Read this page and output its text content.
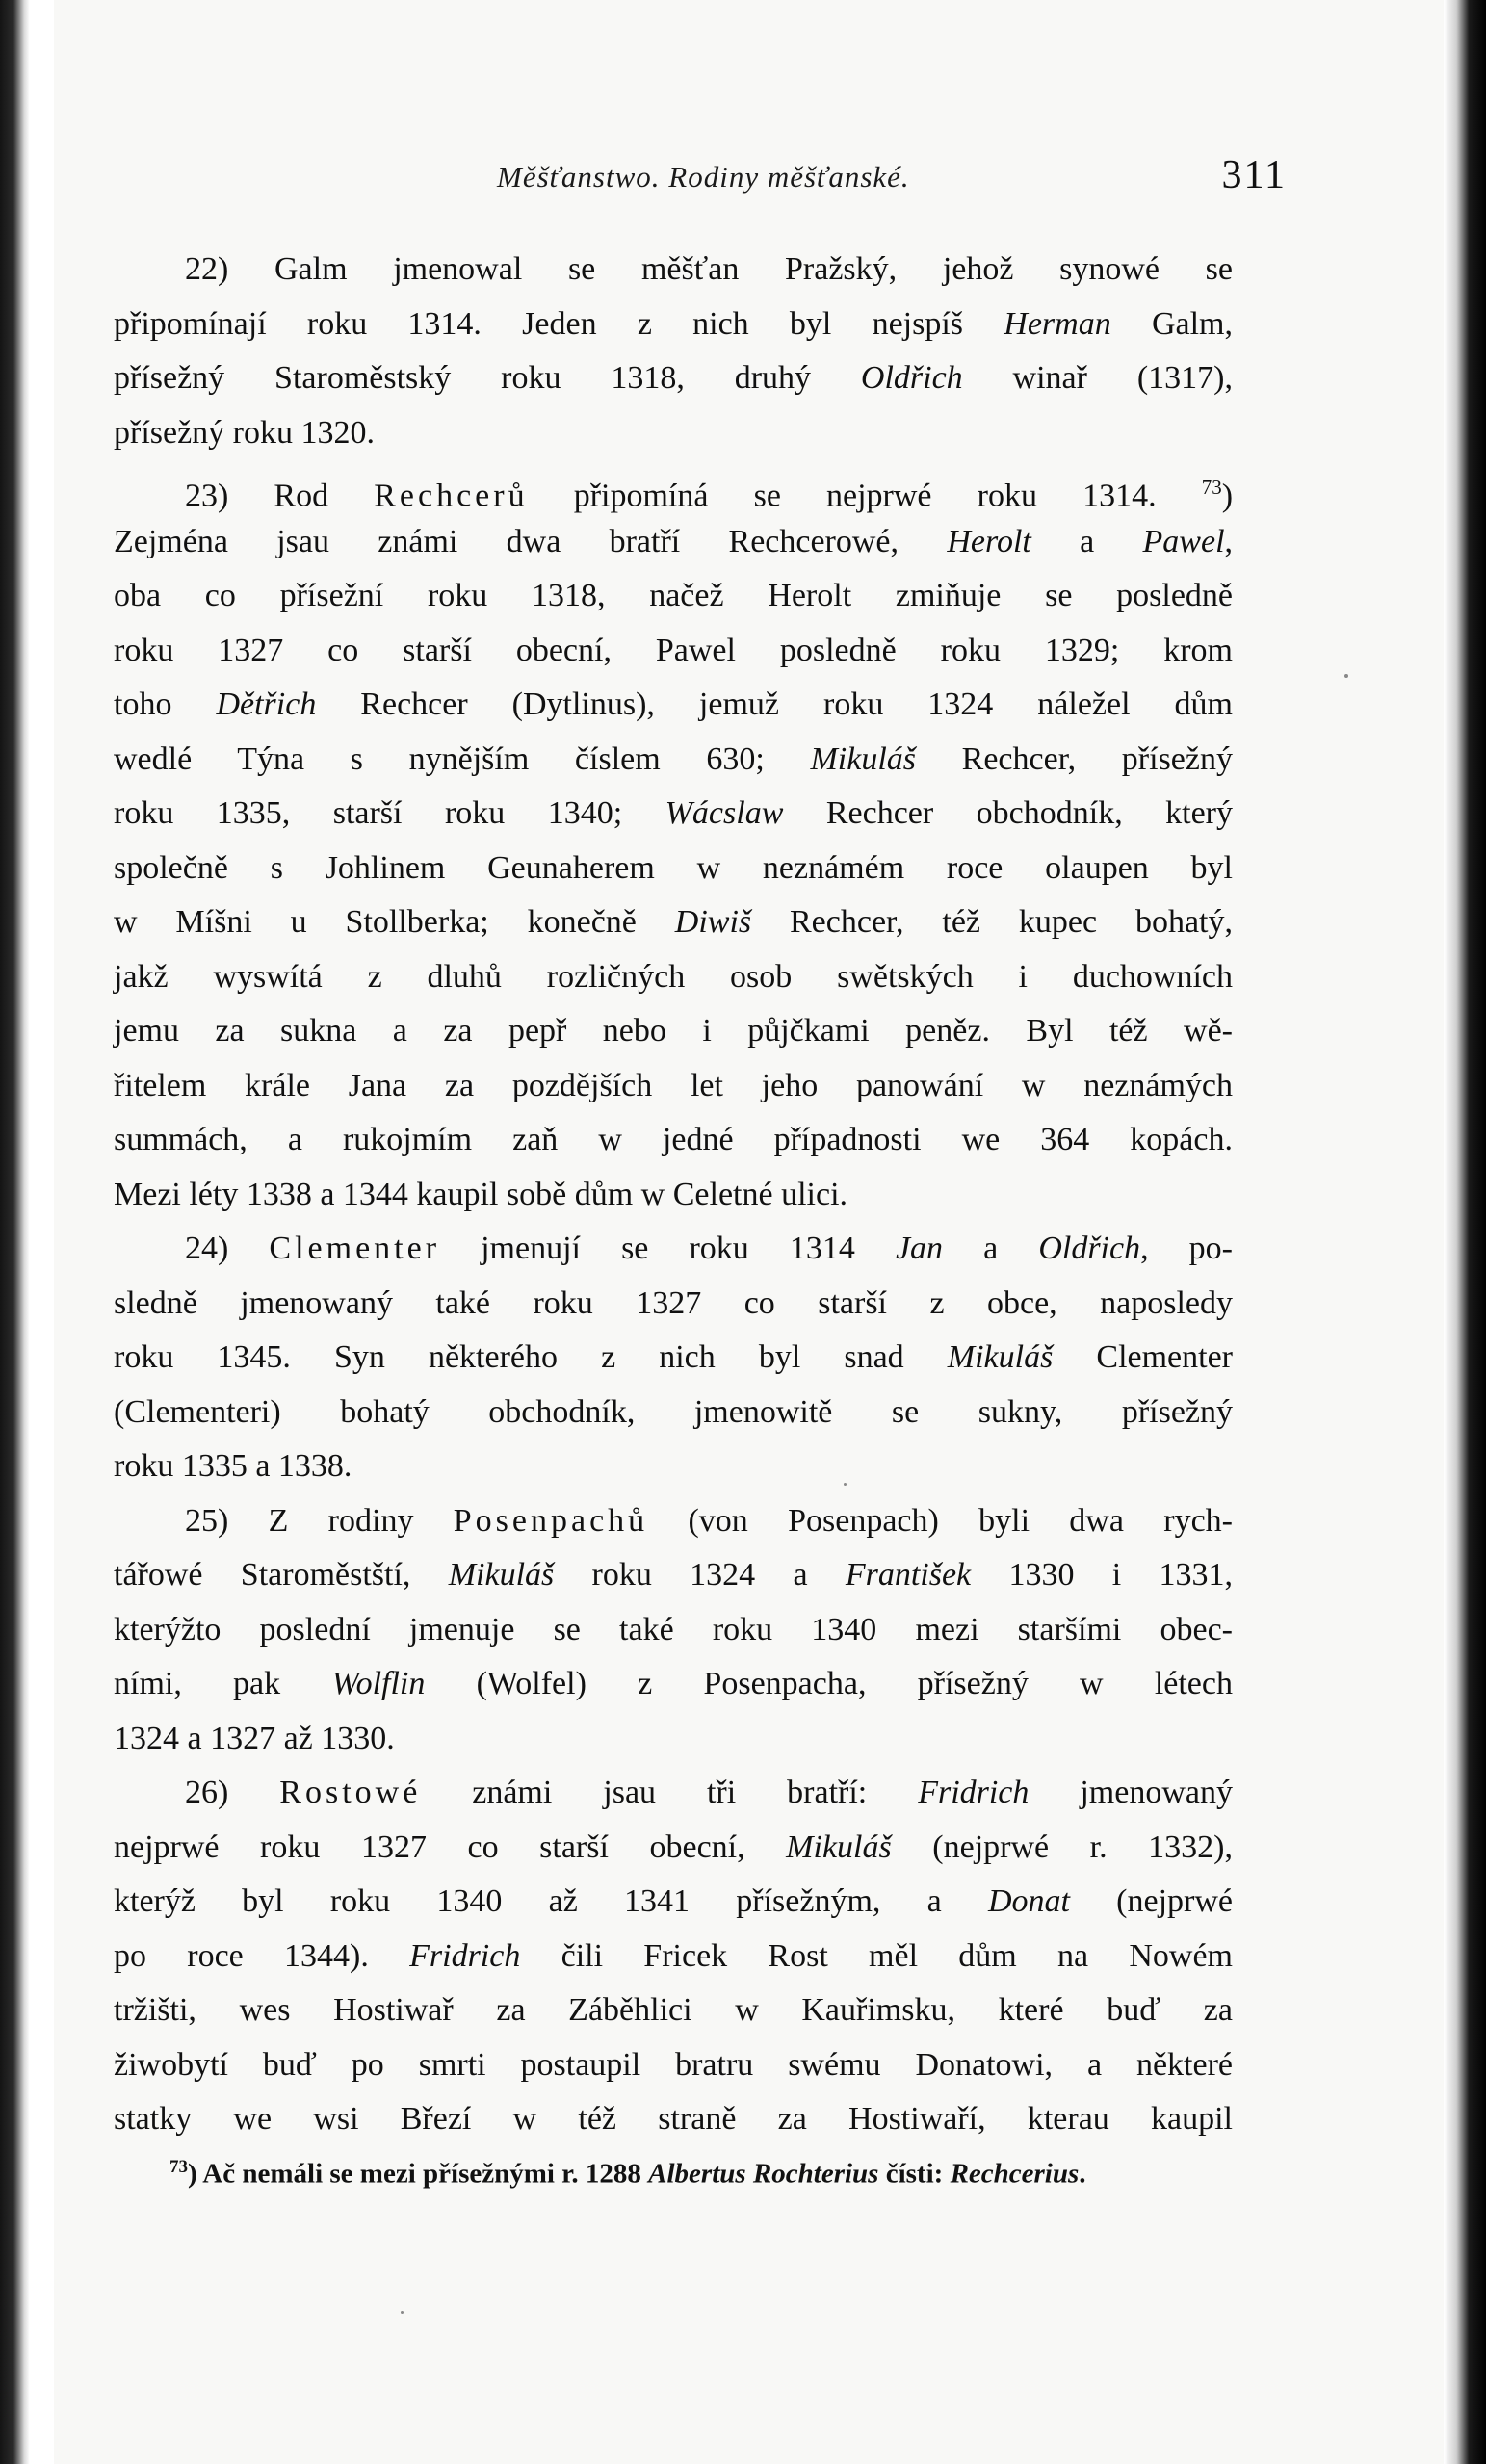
Měšťanstwo. Rodiny měšťanské.	311
22) Galm jmenowal se měšťan Pražský, jehož synowé se
připomínají roku 1314. Jeden z nich byl nejspíš Herman Galm,
přísežný Staroměstský roku 1318, druhý Oldřich winař (1317),
přísežný roku 1320.
23) Rod Rechcerů připomíná se nejprwé roku 1314. $^{73}$)
Zejména jsau známi dwa bratří Rechcerowé, Herolt a Pawel,
oba co přísežní roku 1318, načež Herolt zmiňuje se posledně
roku 1327 co starší obecní, Pawel posledně roku 1329; krom
toho Dětřich Rechcer (Dytlinus), jemuž roku 1324 náležel dům
wedlé Týna s nynějším číslem 630; Mikuláš Rechcer, přísežný
roku 1335, starší roku 1340; Wácslaw Rechcer obchodník, který
společně s Johlinem Geunaherem w neznámém roce olaupen byl
w Míšni u Stollberka; konečně Diwiš Rechcer, též kupec bohatý,
jakž wyswítá z dluhů rozličných osob swětských i duchowních
jemu za sukna a za pepř nebo i půjčkami peněz. Byl též wě-
řitelem krále Jana za pozdějších let jeho panowání w neznámých
summách, a rukojmím zaň w jedné případnosti we 364 kopách.
Mezi léty 1338 a 1344 kaupil sobě dům w Celetné ulici.
24) Clementer jmenují se roku 1314 Jan a Oldřich, po-
sledně jmenowaný také roku 1327 co starší z obce, naposledy
roku 1345. Syn některého z nich byl snad Mikuláš Clementer
(Clementeri) bohatý obchodník, jmenowitě se sukny, přísežný
roku 1335 a 1338.
25) Z rodiny Posenpachů (von Posenpach) byli dwa rych-
tářowé Staroměstští, Mikuláš roku 1324 a František 1330 i 1331,
kterýžto poslední jmenuje se také roku 1340 mezi staršími obec-
ními, pak Wolflin (Wolfel) z Posenpacha, přísežný w létech
1324 a 1327 až 1330.
26) Rostowé známi jsau tři bratří: Fridrich jmenowaný
nejprwé roku 1327 co starší obecní, Mikuláš (nejprwé r. 1332),
kterýž byl roku 1340 až 1341 přísežným, a Donat (nejprwé
po roce 1344). Fridrich čili Fricek Rost měl dům na Nowém
tržišti, wes Hostiwař za Záběhlici w Kauřimsku, které buď za
žiwobytí buď po smrti postaupil bratru swému Donatowi, a některé
statky we wsi Březí w též straně za Hostiwaří, kterau kaupil
$^{73}$) Ač nemáli se mezi přísežnými r. 1288 Albertus Rochterius čísti: Rechcerius.
